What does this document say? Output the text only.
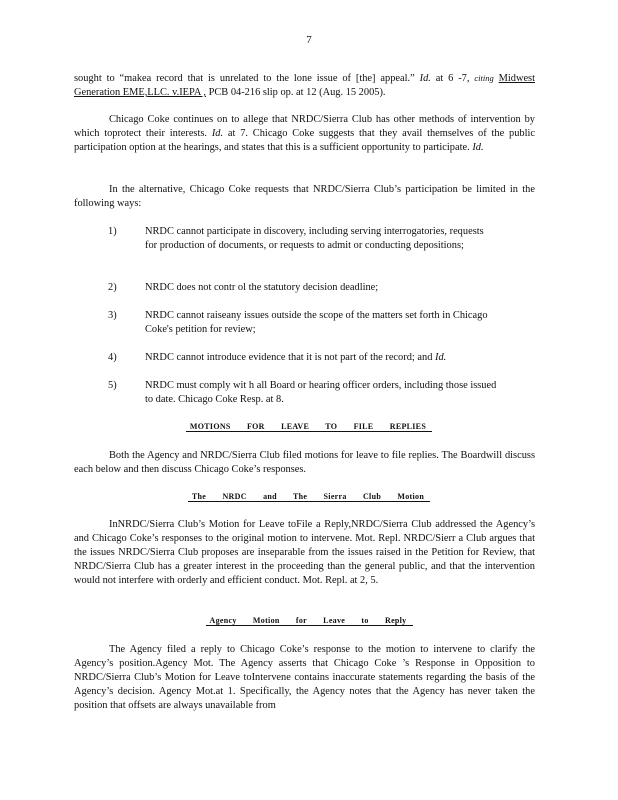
7

sought to “makea record that is unrelated to the lone issue of [the] appeal.” Id. at 6 -7, citing Midwest Generation EME,LLC. v.IEPA , PCB 04-216 slip op. at 12 (Aug. 15 2005).

Chicago Coke continues on to allege that NRDC/Sierra Club has other methods of intervention by which toprotect their interests. Id. at 7. Chicago Coke suggests that they avail themselves of the public participation option at the hearings, and states that this is a sufficient opportunity to participate. Id.

In the alternative, Chicago Coke requests that NRDC/Sierra Club’s participation be limited in the following ways:

1)	NRDC cannot participate in discovery, including serving interrogatories, requests for production of documents, or requests to admit or conducting depositions;
2)	NRDC does not contr ol the statutory decision deadline;
3)	NRDC cannot raiseany issues outside the scope of the matters set forth in Chicago Coke's petition for review;
4)	NRDC cannot introduce evidence that it is not part of the record; and Id.
5)	NRDC must comply wit h all Board or hearing officer orders, including those issued to date. Chicago Coke Resp. at 8.
MOTIONS FOR LEAVE TO FILE REPLIES

Both the Agency and NRDC/Sierra Club filed motions for leave to file replies. The Boardwill discuss each below and then discuss Chicago Coke’s responses.

The NRDC and The Sierra Club Motion

InNRDC/Sierra Club’s Motion for Leave toFile a Reply,NRDC/Sierra Club addressed the Agency’s and Chicago Coke’s responses to the original motion to intervene. Mot. Repl. NRDC/Sierr a Club argues that the issues NRDC/Sierra Club proposes are inseparable from the issues raised in the Petition for Review, that NRDC/Sierra Club has a greater interest in the proceeding than the general public, and that the intervention would not interfere with orderly and efficient conduct. Mot. Repl. at 2, 5.

Agency Motion for Leave to Reply

The Agency filed a reply to Chicago Coke’s response to the motion to intervene to clarify the Agency’s position.Agency Mot. The Agency asserts that Chicago Coke ’s Response in Opposition to NRDC/Sierra Club’s Motion for Leave toIntervene contains inaccurate statements regarding the basis of the Agency’s decision. Agency Mot.at 1. Specifically, the Agency notes that the Agency has never taken the position that offsets are always unavailable from
